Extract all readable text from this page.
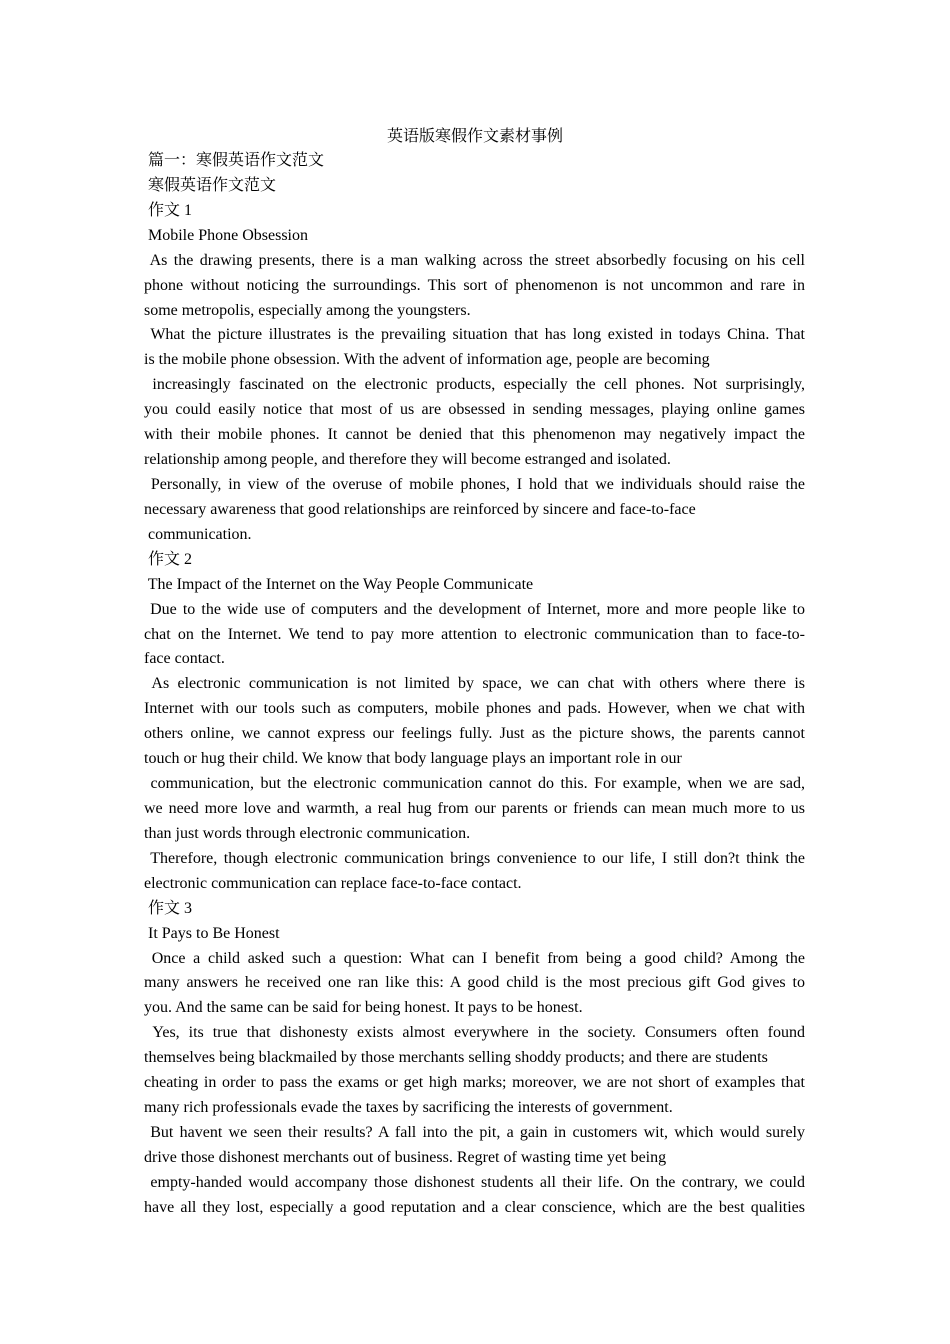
英语版寒假作文素材事例
篇一：寒假英语作文范文
寒假英语作文范文
作文 1
Mobile Phone Obsession
As the drawing presents, there is a man walking across the street absorbedly focusing on his cell
phone without noticing the surroundings. This sort of phenomenon is not uncommon and rare in
some metropolis, especially among the youngsters.
What the picture illustrates is the prevailing situation that has long existed in todays China. That
is the mobile phone obsession. With the advent of information age, people are becoming
increasingly fascinated on the electronic products, especially the cell phones. Not surprisingly,
you could easily notice that most of us are obsessed in sending messages, playing online games
with their mobile phones. It cannot be denied that this phenomenon may negatively impact the
relationship among people, and therefore they will become estranged and isolated.
Personally, in view of the overuse of mobile phones, I hold that we individuals should raise the
necessary awareness that good relationships are reinforced by sincere and face-to-face
communication.
作文 2
The Impact of the Internet on the Way People Communicate
Due to the wide use of computers and the development of Internet, more and more people like to
chat on the Internet. We tend to pay more attention to electronic communication than to face-to-
face contact.
As electronic communication is not limited by space, we can chat with others where there is
Internet with our tools such as computers, mobile phones and pads. However, when we chat with
others online, we cannot express our feelings fully. Just as the picture shows, the parents cannot
touch or hug their child. We know that body language plays an important role in our
communication, but the electronic communication cannot do this. For example, when we are sad,
we need more love and warmth, a real hug from our parents or friends can mean much more to us
than just words through electronic communication.
Therefore, though electronic communication brings convenience to our life, I still don?t think the
electronic communication can replace face-to-face contact.
作文 3
It Pays to Be Honest
Once a child asked such a question: What can I benefit from being a good child? Among the
many answers he received one ran like this: A good child is the most precious gift God gives to
you. And the same can be said for being honest. It pays to be honest.
Yes, its true that dishonesty exists almost everywhere in the society. Consumers often found
themselves being blackmailed by those merchants selling shoddy products; and there are students
cheating in order to pass the exams or get high marks; moreover, we are not short of examples that
many rich professionals evade the taxes by sacrificing the interests of government.
But havent we seen their results? A fall into the pit, a gain in customers wit, which would surely
drive those dishonest merchants out of business. Regret of wasting time yet being
empty-handed would accompany those dishonest students all their life. On the contrary, we could
have all they lost, especially a good reputation and a clear conscience, which are the best qualities
